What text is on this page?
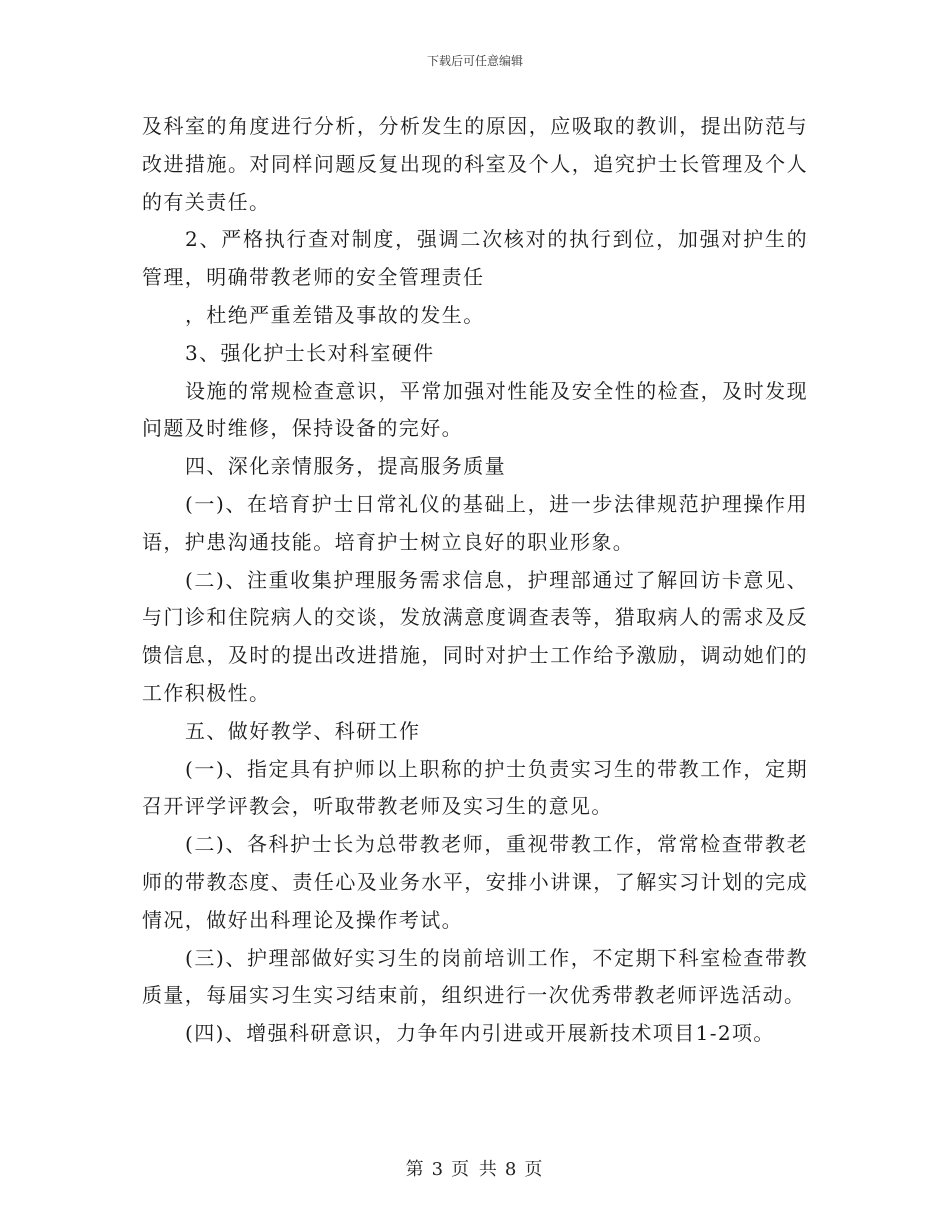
下载后可任意编辑

及科室的角度进行分析，分析发生的原因，应吸取的教训，提出防范与改进措施。对同样问题反复出现的科室及个人，追究护士长管理及个人的有关责任。

2、严格执行查对制度，强调二次核对的执行到位，加强对护生的管理，明确带教老师的安全管理责任

，杜绝严重差错及事故的发生。

3、强化护士长对科室硬件

设施的常规检查意识，平常加强对性能及安全性的检查，及时发现问题及时维修，保持设备的完好。

四、深化亲情服务，提高服务质量

(一)、在培育护士日常礼仪的基础上，进一步法律规范护理操作用语，护患沟通技能。培育护士树立良好的职业形象。

(二)、注重收集护理服务需求信息，护理部通过了解回访卡意见、与门诊和住院病人的交谈，发放满意度调查表等，猎取病人的需求及反馈信息，及时的提出改进措施，同时对护士工作给予激励，调动她们的工作积极性。

五、做好教学、科研工作

(一)、指定具有护师以上职称的护士负责实习生的带教工作，定期召开评学评教会，听取带教老师及实习生的意见。

(二)、各科护士长为总带教老师，重视带教工作，常常检查带教老师的带教态度、责任心及业务水平，安排小讲课，了解实习计划的完成情况，做好出科理论及操作考试。

(三)、护理部做好实习生的岗前培训工作，不定期下科室检查带教质量，每届实习生实习结束前，组织进行一次优秀带教老师评选活动。

(四)、增强科研意识，力争年内引进或开展新技术项目1-2项。

第 3 页 共 8 页
